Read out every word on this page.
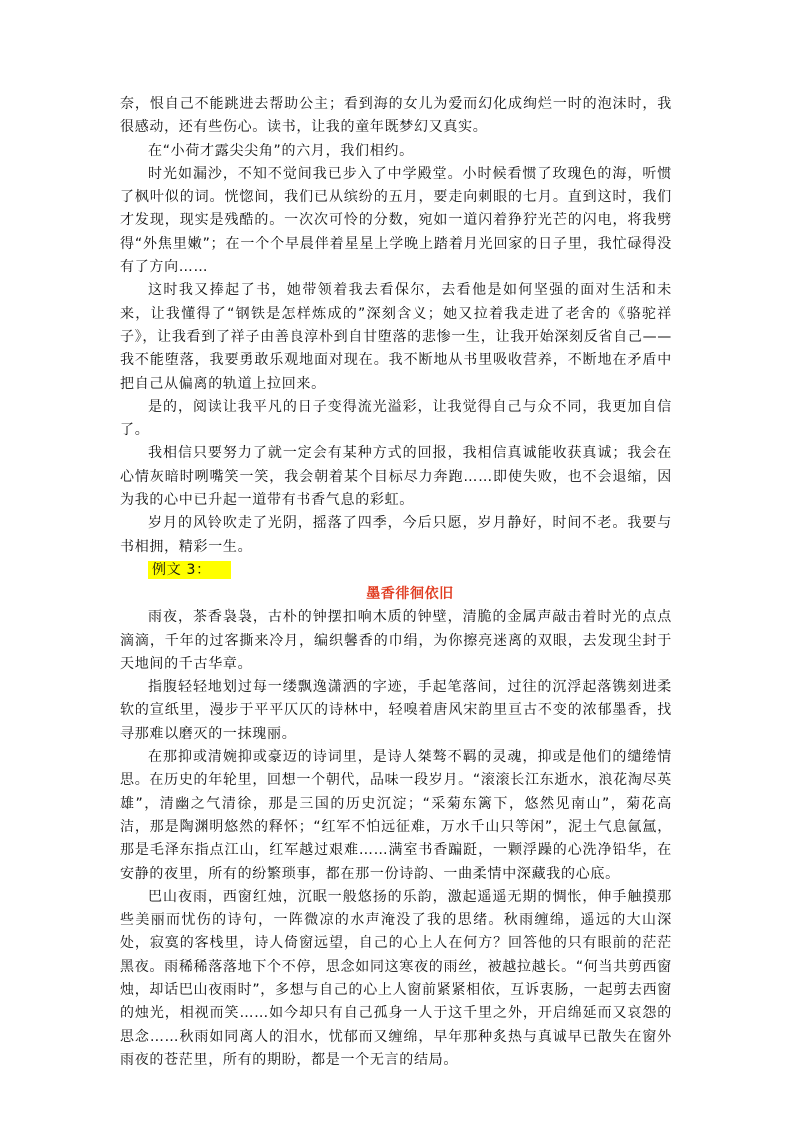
奈，恨自己不能跳进去帮助公主；看到海的女儿为爱而幻化成绚烂一时的泡沫时，我很感动，还有些伤心。读书，让我的童年既梦幻又真实。

在“小荷才露尖尖角”的六月，我们相约。

时光如漏沙，不知不觉间我已步入了中学殿堂。小时候看惯了玫瑰色的海，听惯了枫叶似的词。恍惚间，我们已从缤纷的五月，要走向刺眼的七月。直到这时，我们才发现，现实是残酷的。一次次可怜的分数，宛如一道闪着狰狞光芒的闪电，将我劈得“外焦里嫩”；在一个个早晨伴着星星上学晚上踏着月光回家的日子里，我忙碌得没有了方向……

这时我又捧起了书，她带领着我去看保尔，去看他是如何坚强的面对生活和未来，让我懂得了“钢铁是怎样炼成的”深刻含义；她又拉着我走进了老舍的《骆驼祥子》，让我看到了祥子由善良淳朴到自甘堕落的悲惨一生，让我开始深刻反省自己——我不能堕落，我要勇敢乐观地面对现在。我不断地从书里吸收营养，不断地在矛盾中把自己从偏离的轨道上拉回来。

是的，阅读让我平凡的日子变得流光溢彩，让我觉得自己与众不同，我更加自信了。

我相信只要努力了就一定会有某种方式的回报，我相信真诚能收获真诚；我会在心情灰暗时咧嘴笑一笑，我会朝着某个目标尽力奔跑……即使失败，也不会退缩，因为我的心中已升起一道带有书香气息的彩虹。

岁月的风铃吹走了光阴，摇落了四季，今后只愿，岁月静好，时间不老。我要与书相拥，精彩一生。

例文 3：

墨香徘徊依旧

雨夜，茶香袅袅，古朴的钟摆扣响木质的钟壁，清脆的金属声敲击着时光的点点滴滴，千年的过客撕来冷月，编织馨香的巾绢，为你擦亮迷离的双眼，去发现尘封于天地间的千古华章。

指腹轻轻地划过每一缕飘逸潇洒的字迹，手起笔落间，过往的沉浮起落镌刻进柔软的宣纸里，漫步于平平仄仄的诗林中，轻嗅着唐风宋韵里亘古不变的浓郁墨香，找寻那难以磨灭的一抹瑰丽。

在那抑或清婉抑或豪迈的诗词里，是诗人桀骜不羁的灵魂，抑或是他们的缱绻情思。在历史的年轮里，回想一个朝代，品味一段岁月。“滚滚长江东逝水，浪花淘尽英雄”，清幽之气清徐，那是三国的历史沉淀；“采菊东篱下，悠然见南山”，菊花高洁，那是陶渊明悠然的释怀；“红军不怕远征难，万水千山只等闲”，泥土气息氤氲，那是毛泽东指点江山，红军越过艰难……满室书香蹁跹，一颗浮躁的心洗净铅华，在安静的夜里，所有的纷繁琐事，都在那一份诗韵、一曲柔情中深藏我的心底。

巴山夜雨，西窗红烛，沉眠一般悠扬的乐韵，激起遥遥无期的惆怅，伸手触摸那些美丽而忧伤的诗句，一阵微凉的水声淹没了我的思绪。秋雨缠绵，遥远的大山深处，寂寞的客栈里，诗人倚窗远望，自己的心上人在何方？回答他的只有眼前的茫茫黑夜。雨稀稀落落地下个不停，思念如同这寒夜的雨丝，被越拉越长。“何当共剪西窗烛，却话巴山夜雨时”，多想与自己的心上人窗前紧紧相依，互诉衷肠，一起剪去西窗的烛光，相视而笑……如今却只有自己孤身一人于这千里之外，开启绵延而又哀怨的思念……秋雨如同离人的泪水，忧郁而又缠绵，早年那种炙热与真诚早已散失在窗外雨夜的苍茫里，所有的期盼，都是一个无言的结局。
